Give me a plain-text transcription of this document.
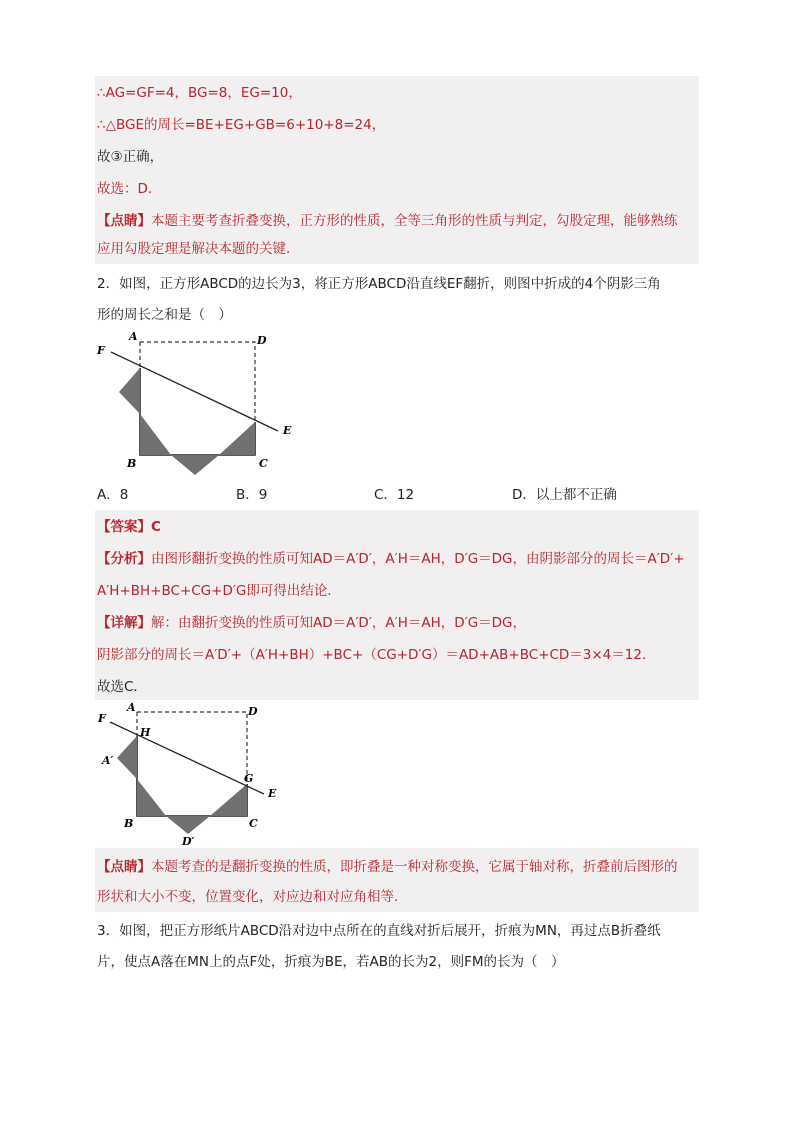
∴AG=GF=4，BG=8，EG=10，
∴△BGE的周长=BE+EG+GB=6+10+8=24，
故③正确，
故选：D．
【点睛】本题主要考查折叠变换，正方形的性质，全等三角形的性质与判定，勾股定理，能够熟练
应用勾股定理是解决本题的关键．
2．如图，正方形ABCD的边长为3，将正方形ABCD沿直线EF翻折，则图中折成的4个阴影三角
形的周长之和是（　）
F
A	D
E
B	C
A．8	B．9	C．12	D．以上都不正确
【答案】C
【分析】由图形翻折变换的性质可知AD＝A′D′，A′H＝AH，D′G＝DG，由阴影部分的周长＝A′D′+
A′H+BH+BC+CG+D′G即可得出结论．
【详解】解：由翻折变换的性质可知AD＝A′D′，A′H＝AH，D′G＝DG，
阴影部分的周长＝A′D′+（A′H+BH）+BC+（CG+D′G）＝AD+AB+BC+CD＝3×4＝12．
故选C．
F
A	D
H
A′
G
E
B	C
D′
【点睛】本题考查的是翻折变换的性质，即折叠是一种对称变换，它属于轴对称，折叠前后图形的
形状和大小不变，位置变化，对应边和对应角相等．
3．如图，把正方形纸片ABCD沿对边中点所在的直线对折后展开，折痕为MN，再过点B折叠纸
片，使点A落在MN上的点F处，折痕为BE，若AB的长为2，则FM的长为（　）
